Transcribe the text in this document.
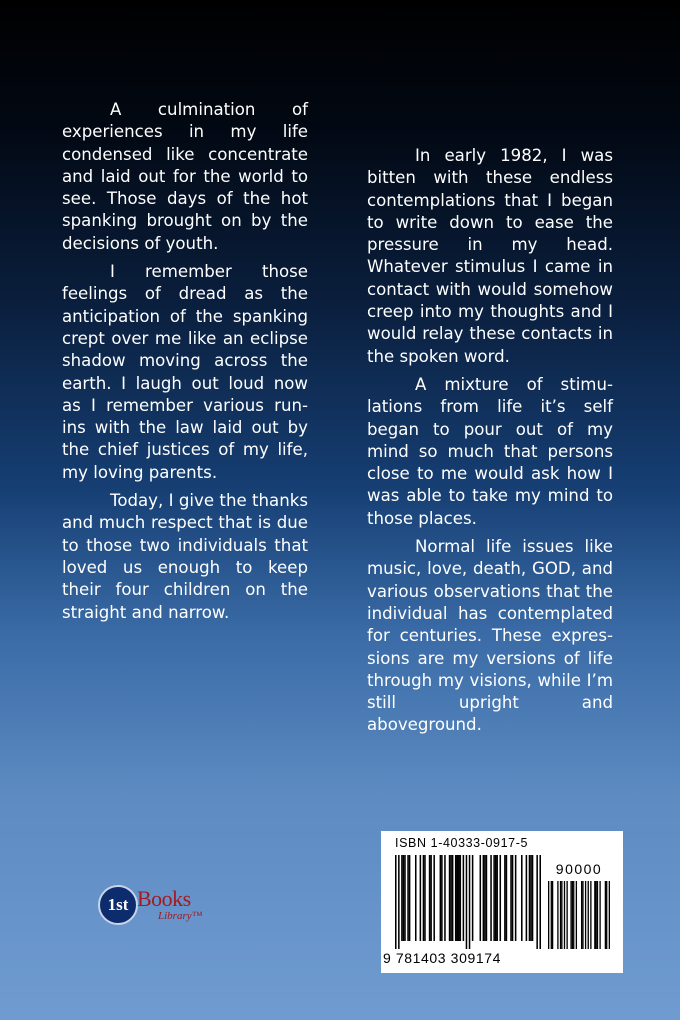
A culmination of experiences in my life condensed like concentrate and laid out for the world to see. Those days of the hot spanking brought on by the decisions of youth.

I remember those feelings of dread as the anticipation of the spanking crept over me like an eclipse shadow moving across the earth. I laugh out loud now as I remember various run-ins with the law laid out by the chief justices of my life, my loving parents.

Today, I give the thanks and much respect that is due to those two individuals that loved us enough to keep their four children on the straight and narrow.

In early 1982, I was bitten with these endless contemplations that I began to write down to ease the pressure in my head. Whatever stimulus I came in contact with would somehow creep into my thoughts and I would relay these contacts in the spoken word.

A mixture of stimulations from life it’s self began to pour out of my mind so much that persons close to me would ask how I was able to take my mind to those places.

Normal life issues like music, love, death, GOD, and various observations that the individual has contemplated for centuries. These expressions are my versions of life through my visions, while I’m still upright and aboveground.

ISBN 1-40333-0917-5
90000
9 781403 309174
1st Books
Library™
